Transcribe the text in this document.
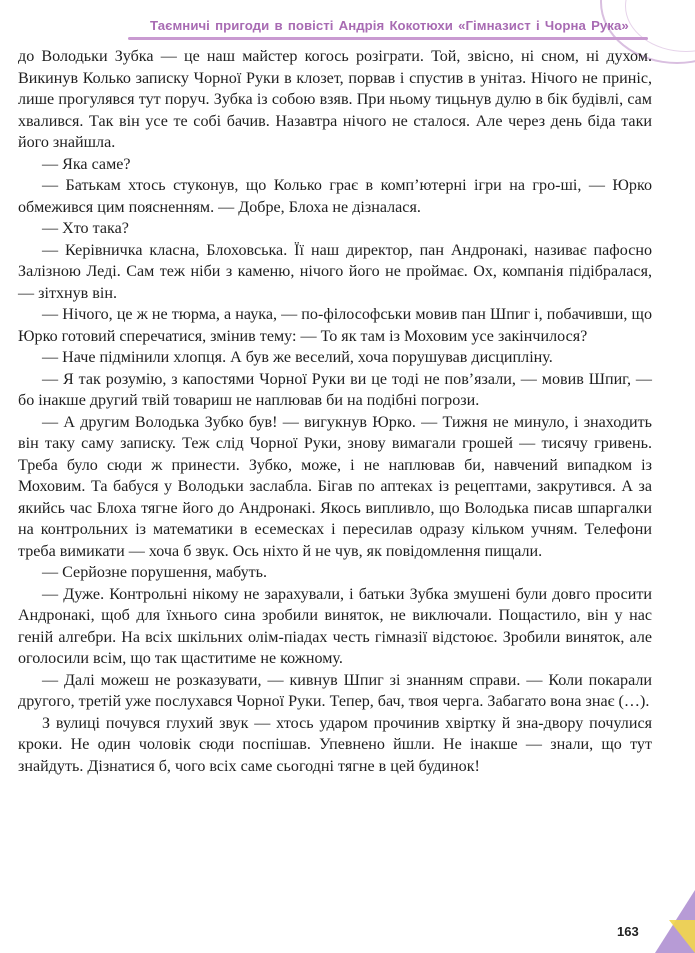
Таємничі пригоди в повісті Андрія Кокотюхи «Гімназист і Чорна Рука»

до Володьки Зубка — це наш майстер когось розіграти. Той, звісно, ні сном, ні духом. Викинув Колько записку Чорної Руки в клозет, порвав і спустив в унітаз. Нічого не приніс, лише прогулявся тут поруч. Зубка із собою взяв. При ньому тицьнув дулю в бік будівлі, сам хвалився. Так він усе те собі бачив. Назавтра нічого не сталося. Але через день біда таки його знайшла.

— Яка саме?

— Батькам хтось стуконув, що Колько грає в комп’ютерні ігри на гро-ші, — Юрко обмежився цим поясненням. — Добре, Блоха не дізналася.

— Хто така?

— Керівничка класна, Блоховська. Її наш директор, пан Андронакі, називає пафосно Залізною Леді. Сам теж ніби з каменю, нічого його не проймає. Ох, компанія підібралася, — зітхнув він.

— Нічого, це ж не тюрма, а наука, — по-філософськи мовив пан Шпиг і, побачивши, що Юрко готовий сперечатися, змінив тему: — То як там із Моховим усе закінчилося?

— Наче підмінили хлопця. А був же веселий, хоча порушував дисципліну.

— Я так розумію, з капостями Чорної Руки ви це тоді не пов’язали, — мовив Шпиг, — бо інакше другий твій товариш не наплював би на подібні погрози.

— А другим Володька Зубко був! — вигукнув Юрко. — Тижня не минуло, і знаходить він таку саму записку. Теж слід Чорної Руки, знову вимагали грошей — тисячу гривень. Треба було сюди ж принести. Зубко, може, і не наплював би, навчений випадком із Моховим. Та бабуся у Володьки заслабла. Бігав по аптеках із рецептами, закрутився. А за якийсь час Блоха тягне його до Андронакі. Якось випливло, що Володька писав шпаргалки на контрольних із математики в есемесках і пересилав одразу кільком учням. Телефони треба вимикати — хоча б звук. Ось ніхто й не чув, як повідомлення пищали.

— Серйозне порушення, мабуть.

— Дуже. Контрольні нікому не зарахували, і батьки Зубка змушені були довго просити Андронакі, щоб для їхнього сина зробили виняток, не виключали. Пощастило, він у нас геній алгебри. На всіх шкільних олім-піадах честь гімназії відстоює. Зробили виняток, але оголосили всім, що так щаститиме не кожному.

— Далі можеш не розказувати, — кивнув Шпиг зі знанням справи. — Коли покарали другого, третій уже послухався Чорної Руки. Тепер, бач, твоя черга. Забагато вона знає (…).

З вулиці почувся глухий звук — хтось ударом прочинив хвіртку й зна-двору почулися кроки. Не один чоловік сюди поспішав. Упевнено йшли. Не інакше — знали, що тут знайдуть. Дізнатися б, чого всіх саме сьогодні тягне в цей будинок!

163
